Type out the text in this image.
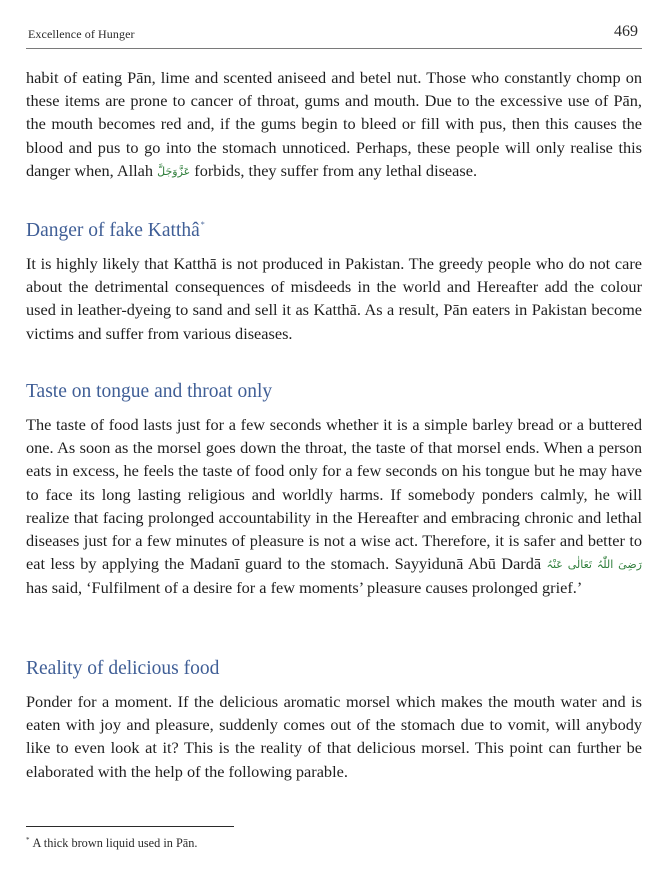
Excellence of Hunger	469

habit of eating Pān, lime and scented aniseed and betel nut. Those who constantly chomp on these items are prone to cancer of throat, gums and mouth. Due to the excessive use of Pān, the mouth becomes red and, if the gums begin to bleed or fill with pus, then this causes the blood and pus to go into the stomach unnoticed. Perhaps, these people will only realise this danger when, Allah عَزَّوَجَلَّ forbids, they suffer from any lethal disease.

Danger of fake Katthâ*

It is highly likely that Katthā is not produced in Pakistan. The greedy people who do not care about the detrimental consequences of misdeeds in the world and Hereafter add the colour used in leather-dyeing to sand and sell it as Katthā. As a result, Pān eaters in Pakistan become victims and suffer from various diseases.

Taste on tongue and throat only

The taste of food lasts just for a few seconds whether it is a simple barley bread or a buttered one. As soon as the morsel goes down the throat, the taste of that morsel ends. When a person eats in excess, he feels the taste of food only for a few seconds on his tongue but he may have to face its long lasting religious and worldly harms. If somebody ponders calmly, he will realize that facing prolonged accountability in the Hereafter and embracing chronic and lethal diseases just for a few minutes of pleasure is not a wise act. Therefore, it is safer and better to eat less by applying the Madanī guard to the stomach. Sayyidunā Abū Dardā رَضِیَ اللّٰہُ تَعَالٰی عَنْہُ has said, ‘Fulfilment of a desire for a few moments’ pleasure causes prolonged grief.’

Reality of delicious food

Ponder for a moment. If the delicious aromatic morsel which makes the mouth water and is eaten with joy and pleasure, suddenly comes out of the stomach due to vomit, will anybody like to even look at it? This is the reality of that delicious morsel. This point can further be elaborated with the help of the following parable.

* A thick brown liquid used in Pān.
